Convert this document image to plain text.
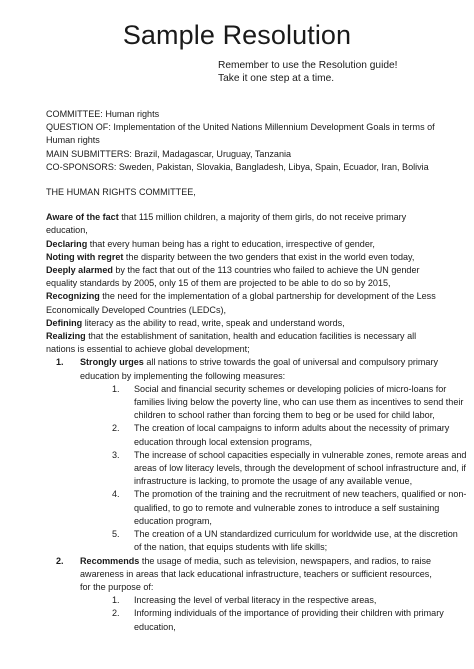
Sample Resolution
Remember to use the Resolution guide!
Take it one step at a time.
COMMITTEE: Human rights
QUESTION OF: Implementation of the United Nations Millennium Development Goals in terms of
Human rights
MAIN SUBMITTERS: Brazil, Madagascar, Uruguay, Tanzania
CO-SPONSORS: Sweden, Pakistan, Slovakia, Bangladesh, Libya, Spain, Ecuador, Iran, Bolivia
THE HUMAN RIGHTS COMMITTEE,
Aware of the fact that 115 million children, a majority of them girls, do not receive primary
education,
Declaring that every human being has a right to education, irrespective of gender,
Noting with regret the disparity between the two genders that exist in the world even today,
Deeply alarmed by the fact that out of the 113 countries who failed to achieve the UN gender
equality standards by 2005, only 15 of them are projected to be able to do so by 2015,
Recognizing the need for the implementation of a global partnership for development of the Less
Economically Developed Countries (LEDCs),
Defining literacy as the ability to read, write, speak and understand words,
Realizing that the establishment of sanitation, health and education facilities is necessary all
nations is essential to achieve global development;
1. Strongly urges all nations to strive towards the goal of universal and compulsory primary
education by implementing the following measures:
1. Social and financial security schemes or developing policies of micro-loans for
families living below the poverty line, who can use them as incentives to send their
children to school rather than forcing them to beg or be used for child labor,
2. The creation of local campaigns to inform adults about the necessity of primary
education through local extension programs,
3. The increase of school capacities especially in vulnerable zones, remote areas and
areas of low literacy levels, through the development of school infrastructure and, if
infrastructure is lacking, to promote the usage of any available venue,
4. The promotion of the training and the recruitment of new teachers, qualified or non-
qualified, to go to remote and vulnerable zones to introduce a self sustaining
education program,
5. The creation of a UN standardized curriculum for worldwide use, at the discretion
of the nation, that equips students with life skills;
2. Recommends the usage of media, such as television, newspapers, and radios, to raise
awareness in areas that lack educational infrastructure, teachers or sufficient resources,
for the purpose of:
1. Increasing the level of verbal literacy in the respective areas,
2. Informing individuals of the importance of providing their children with primary
education,
